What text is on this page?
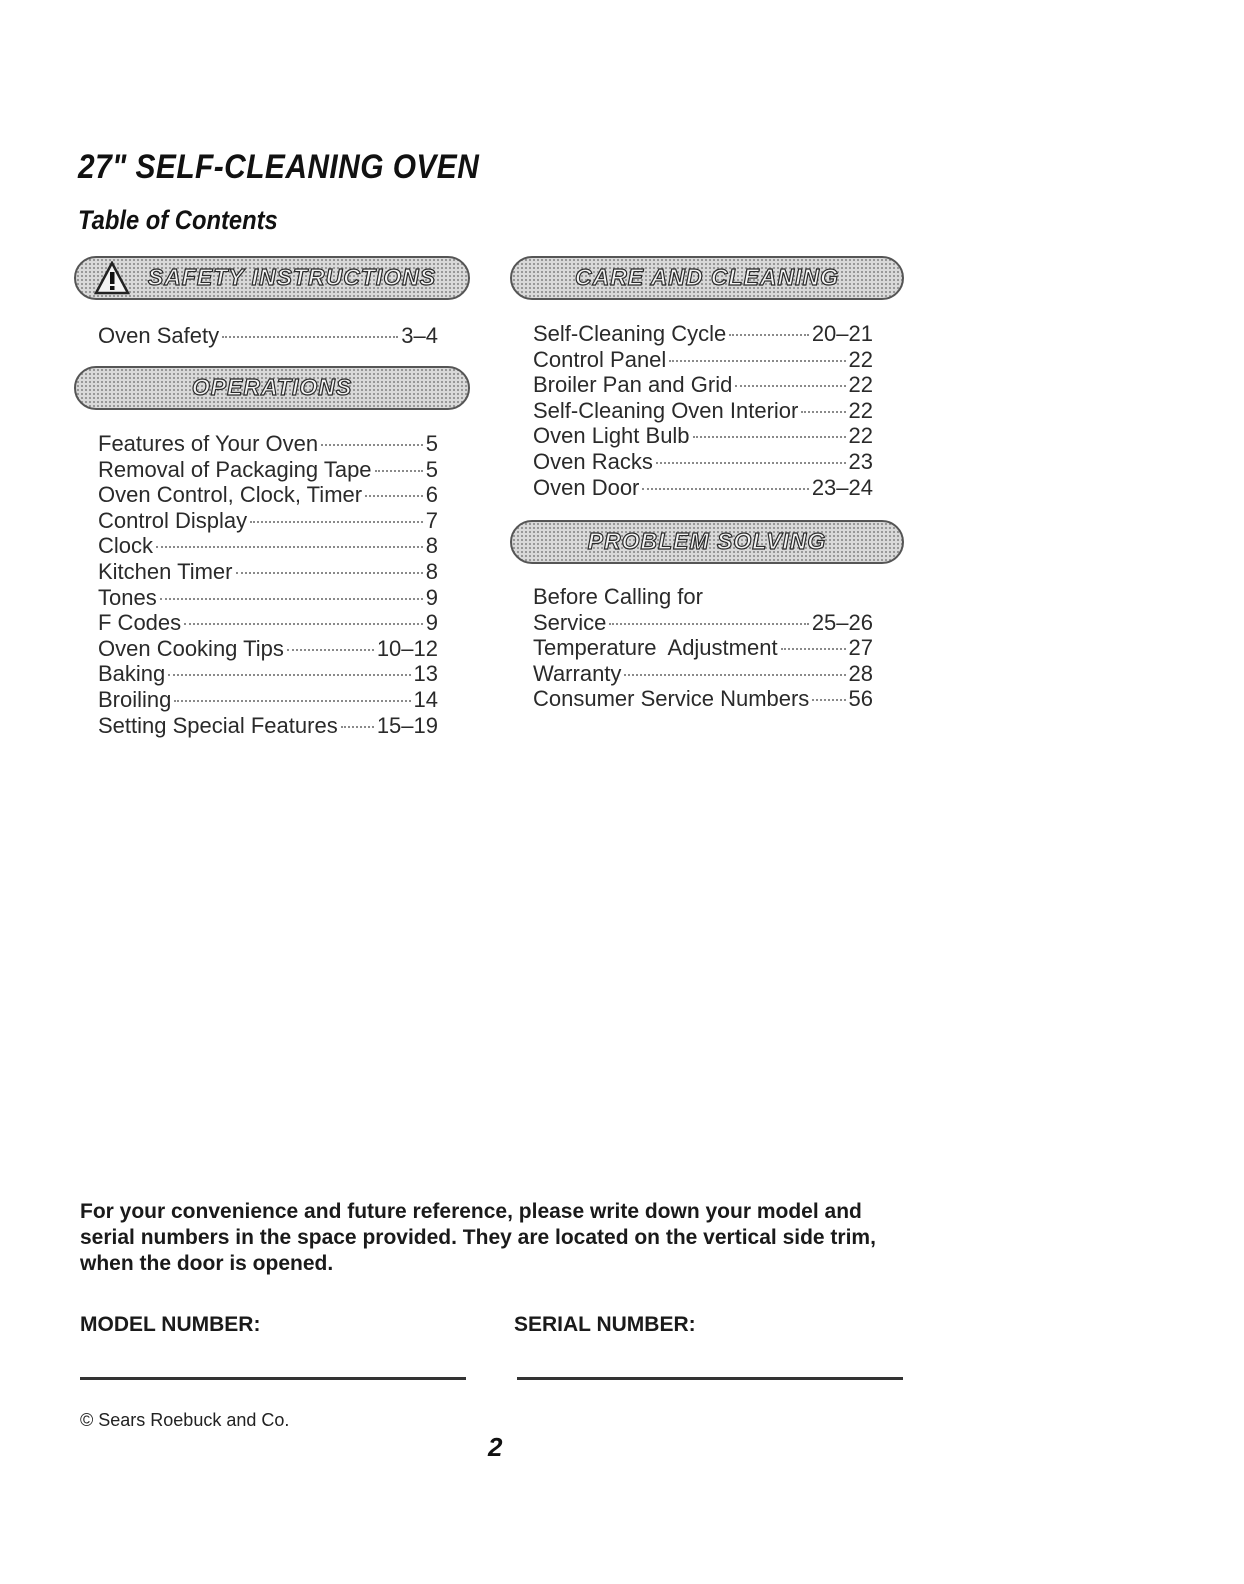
27" SELF-CLEANING OVEN
Table of Contents
SAFETY INSTRUCTIONS
Oven Safety	3–4
OPERATIONS
Features of Your Oven	5
Removal of Packaging Tape 5
Oven Control, Clock, Timer	6
Control Display	7
Clock	8
Kitchen Timer	8
Tones	9
F Codes	9
Oven Cooking Tips	10–12
Baking	13
Broiling	14
Setting Special Features 15–19
CARE AND CLEANING
Self-Cleaning Cycle	20–21
Control Panel	22
Broiler Pan and Grid	22
Self-Cleaning Oven Interior 22
Oven Light Bulb	22
Oven Racks	23
Oven Door	23–24
PROBLEM SOLVING
Before Calling for
Service	25–26
Temperature  Adjustment	27
Warranty	28
Consumer Service Numbers 56

For your convenience and future reference, please write down your model and serial numbers in the space provided. They are located on the vertical side trim, when the door is opened.

MODEL NUMBER:	SERIAL NUMBER:
© Sears Roebuck and Co.
2
